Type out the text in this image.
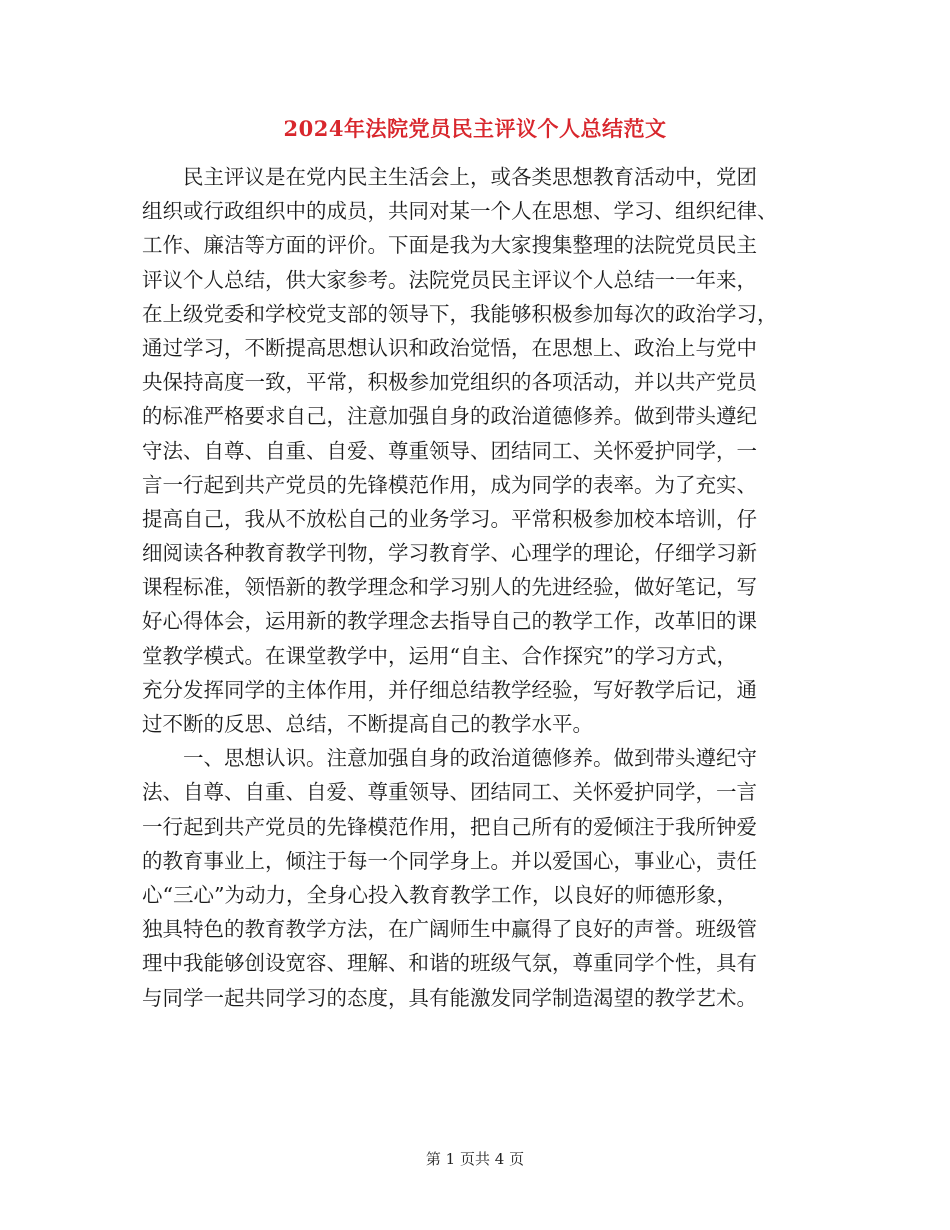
2024年法院党员民主评议个人总结范文
民主评议是在党内民主生活会上，或各类思想教育活动中，党团
组织或行政组织中的成员，共同对某一个人在思想、学习、组织纪律、
工作、廉洁等方面的评价。下面是我为大家搜集整理的法院党员民主
评议个人总结，供大家参考。法院党员民主评议个人总结一一年来，
在上级党委和学校党支部的领导下，我能够积极参加每次的政治学习，
通过学习，不断提高思想认识和政治觉悟，在思想上、政治上与党中
央保持高度一致，平常，积极参加党组织的各项活动，并以共产党员
的标准严格要求自己，注意加强自身的政治道德修养。做到带头遵纪
守法、自尊、自重、自爱、尊重领导、团结同工、关怀爱护同学，一
言一行起到共产党员的先锋模范作用，成为同学的表率。为了充实、
提高自己，我从不放松自己的业务学习。平常积极参加校本培训，仔
细阅读各种教育教学刊物，学习教育学、心理学的理论，仔细学习新
课程标准，领悟新的教学理念和学习别人的先进经验，做好笔记，写
好心得体会，运用新的教学理念去指导自己的教学工作，改革旧的课
堂教学模式。在课堂教学中，运用“自主、合作探究”的学习方式，
充分发挥同学的主体作用，并仔细总结教学经验，写好教学后记，通
过不断的反思、总结，不断提高自己的教学水平。
一、思想认识。注意加强自身的政治道德修养。做到带头遵纪守
法、自尊、自重、自爱、尊重领导、团结同工、关怀爱护同学，一言
一行起到共产党员的先锋模范作用，把自己所有的爱倾注于我所钟爱
的教育事业上，倾注于每一个同学身上。并以爱国心，事业心，责任
心“三心”为动力，全身心投入教育教学工作，以良好的师德形象，
独具特色的教育教学方法，在广阔师生中赢得了良好的声誉。班级管
理中我能够创设宽容、理解、和谐的班级气氛，尊重同学个性，具有
与同学一起共同学习的态度，具有能激发同学制造渴望的教学艺术。
第 1 页共 4 页
